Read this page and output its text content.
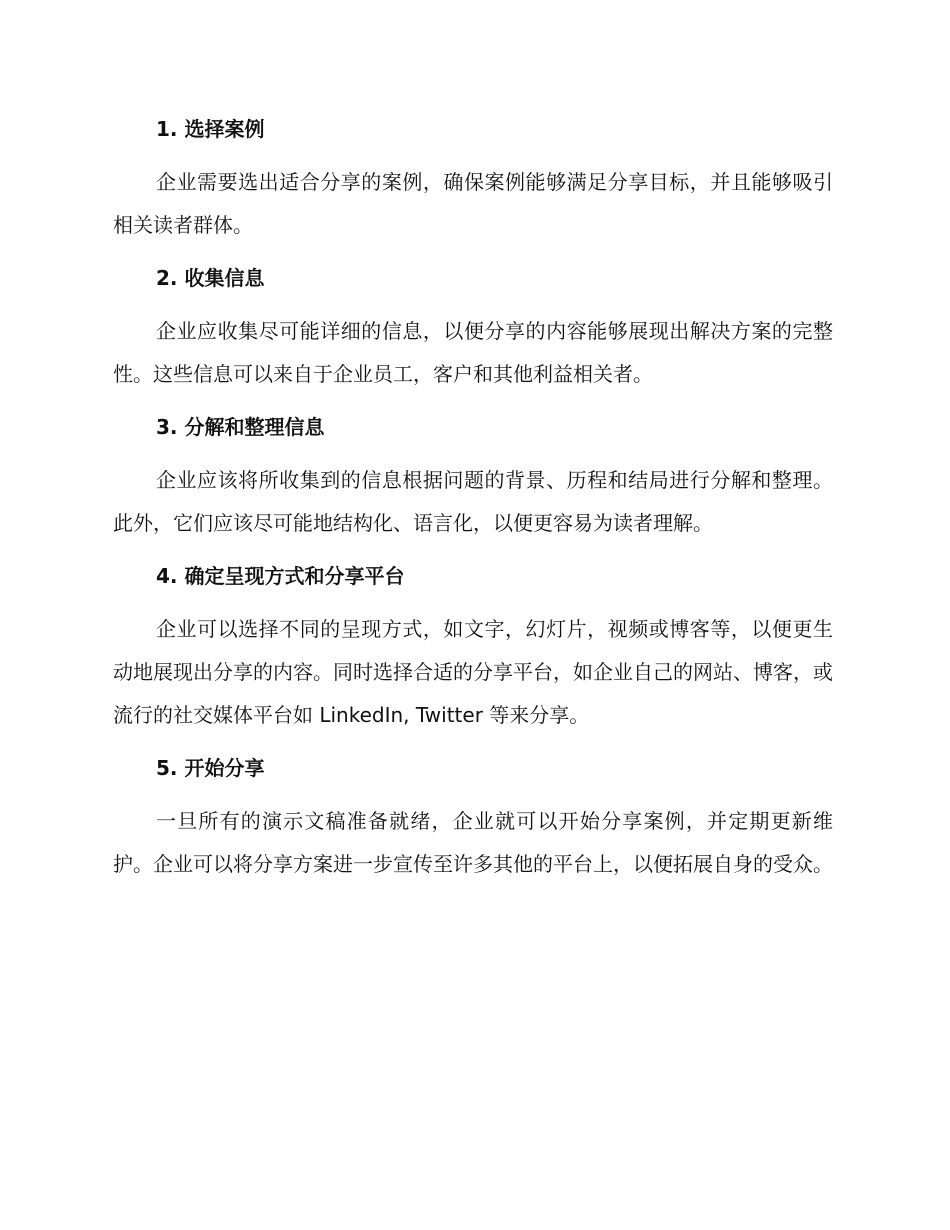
1. 选择案例

企业需要选出适合分享的案例，确保案例能够满足分享目标，并且能够吸引相关读者群体。

2. 收集信息

企业应收集尽可能详细的信息，以便分享的内容能够展现出解决方案的完整性。这些信息可以来自于企业员工，客户和其他利益相关者。

3. 分解和整理信息

企业应该将所收集到的信息根据问题的背景、历程和结局进行分解和整理。此外，它们应该尽可能地结构化、语言化，以便更容易为读者理解。

4. 确定呈现方式和分享平台

企业可以选择不同的呈现方式，如文字，幻灯片，视频或博客等，以便更生动地展现出分享的内容。同时选择合适的分享平台，如企业自己的网站、博客，或流行的社交媒体平台如 LinkedIn, Twitter 等来分享。

5. 开始分享

一旦所有的演示文稿准备就绪，企业就可以开始分享案例，并定期更新维护。企业可以将分享方案进一步宣传至许多其他的平台上，以便拓展自身的受众。
